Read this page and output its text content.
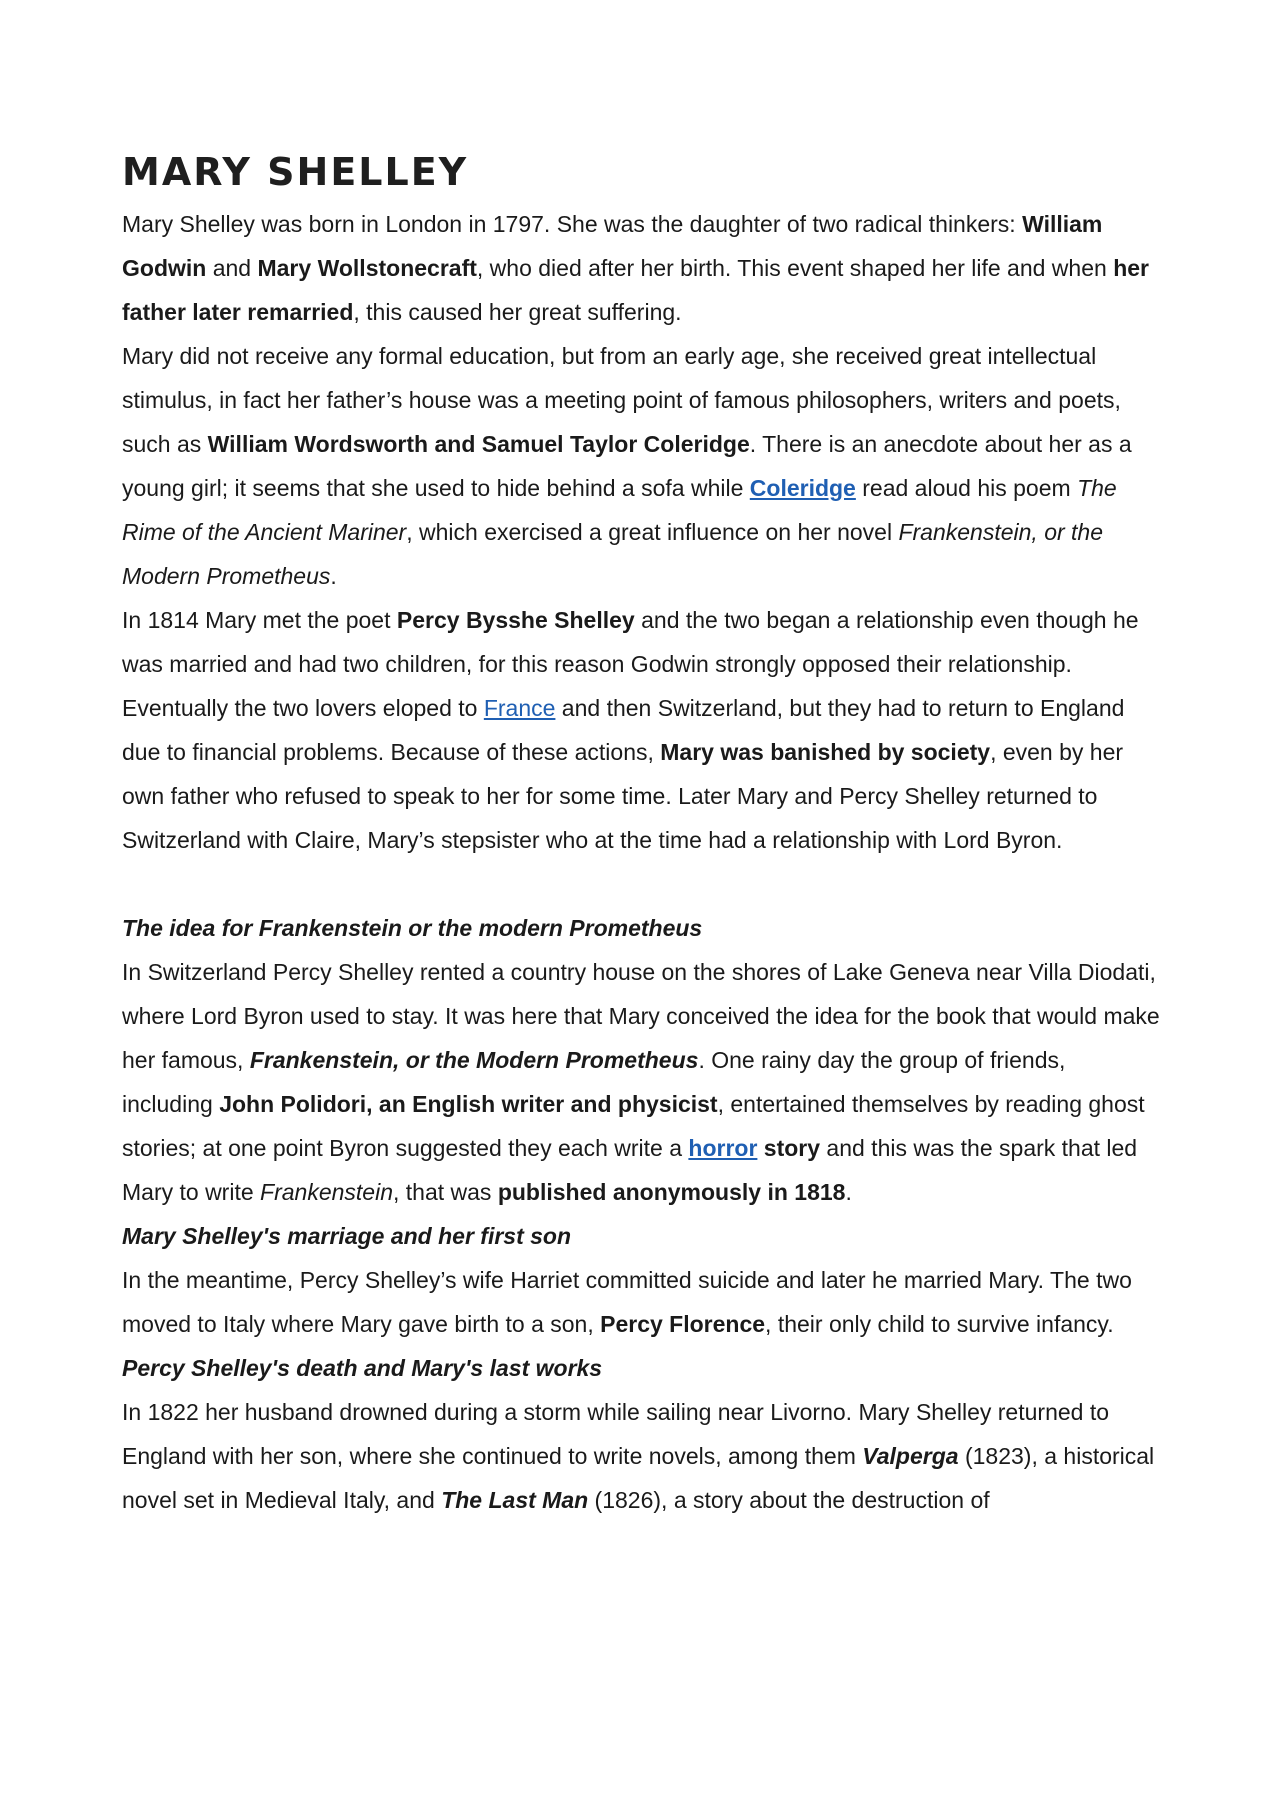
MARY SHELLEY

Mary Shelley was born in London in 1797. She was the daughter of two radical thinkers: William Godwin and Mary Wollstonecraft, who died after her birth. This event shaped her life and when her father later remarried, this caused her great suffering.

Mary did not receive any formal education, but from an early age, she received great intellectual stimulus, in fact her father’s house was a meeting point of famous philosophers, writers and poets, such as William Wordsworth and Samuel Taylor Coleridge. There is an anecdote about her as a young girl; it seems that she used to hide behind a sofa while Coleridge read aloud his poem The Rime of the Ancient Mariner, which exercised a great influence on her novel Frankenstein, or the Modern Prometheus.

In 1814 Mary met the poet Percy Bysshe Shelley and the two began a relationship even though he was married and had two children, for this reason Godwin strongly opposed their relationship. Eventually the two lovers eloped to France and then Switzerland, but they had to return to England due to financial problems. Because of these actions, Mary was banished by society, even by her own father who refused to speak to her for some time. Later Mary and Percy Shelley returned to Switzerland with Claire, Mary’s stepsister who at the time had a relationship with Lord Byron.

The idea for Frankenstein or the modern Prometheus

In Switzerland Percy Shelley rented a country house on the shores of Lake Geneva near Villa Diodati, where Lord Byron used to stay. It was here that Mary conceived the idea for the book that would make her famous, Frankenstein, or the Modern Prometheus. One rainy day the group of friends, including John Polidori, an English writer and physicist, entertained themselves by reading ghost stories; at one point Byron suggested they each write a horror story and this was the spark that led Mary to write Frankenstein, that was published anonymously in 1818.

Mary Shelley's marriage and her first son

In the meantime, Percy Shelley’s wife Harriet committed suicide and later he married Mary. The two moved to Italy where Mary gave birth to a son, Percy Florence, their only child to survive infancy.

Percy Shelley's death and Mary's last works

In 1822 her husband drowned during a storm while sailing near Livorno. Mary Shelley returned to England with her son, where she continued to write novels, among them Valperga (1823), a historical novel set in Medieval Italy, and The Last Man (1826), a story about the destruction of
